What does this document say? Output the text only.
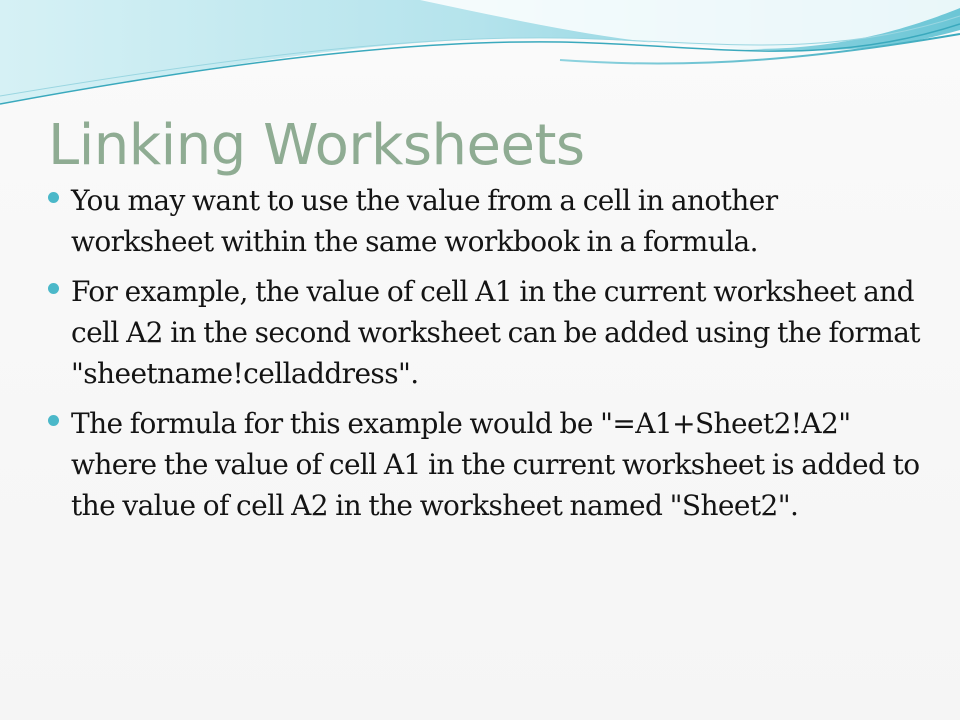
Linking Worksheets
You may want to use the value from a cell in another worksheet within the same workbook in a formula.
For example, the value of cell A1 in the current worksheet and cell A2 in the second worksheet can be added using the format "sheetname!celladdress".
The formula for this example would be "=A1+Sheet2!A2" where the value of cell A1 in the current worksheet is added to the value of cell A2 in the worksheet named "Sheet2".
